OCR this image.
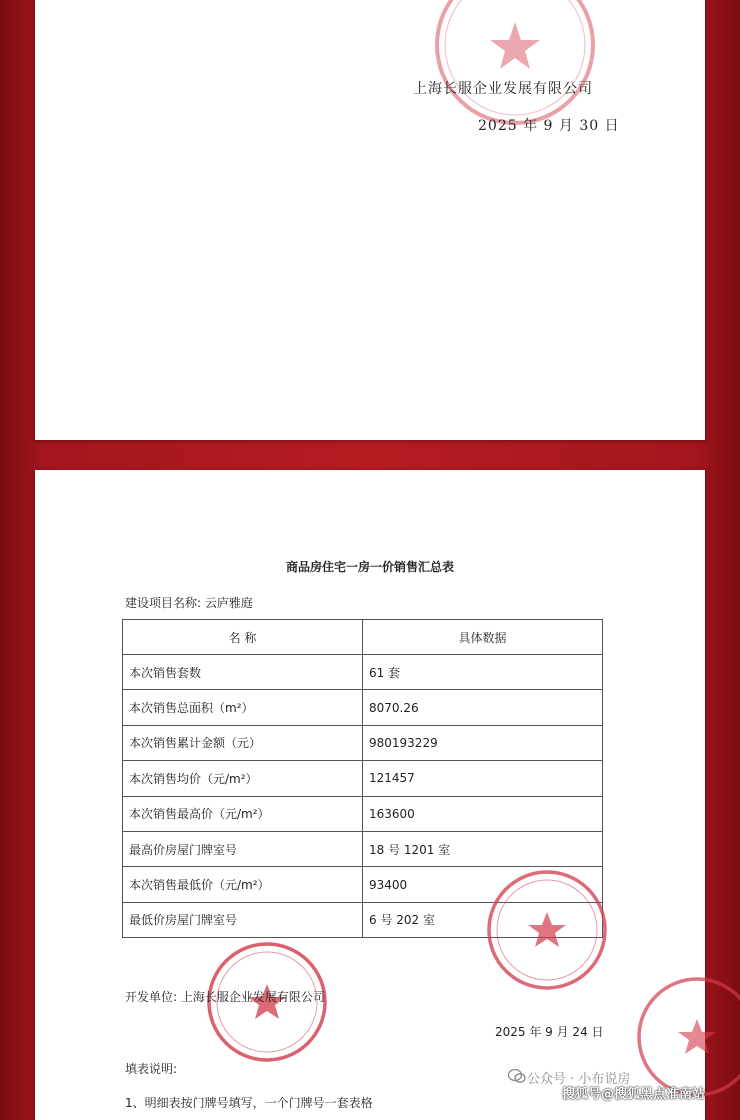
上海长服企业发展有限公司
2025 年 9 月 30 日
商品房住宅一房一价销售汇总表
建设项目名称: 云庐雅庭
名 称	具体数据
本次销售套数	61 套
本次销售总面积（m²）	8070.26
本次销售累计金额（元）	980193229
本次销售均价（元/m²）	121457
本次销售最高价（元/m²）	163600
最高价房屋门牌室号	18 号 1201 室
本次销售最低价（元/m²）	93400
最低价房屋门牌室号	6 号 202 室
开发单位: 上海长服企业发展有限公司
2025 年 9 月 24 日
填表说明:
1、明细表按门牌号填写，一个门牌号一套表格
公众号 · 小布说房
搜狐号@搜狐黑点准南站
